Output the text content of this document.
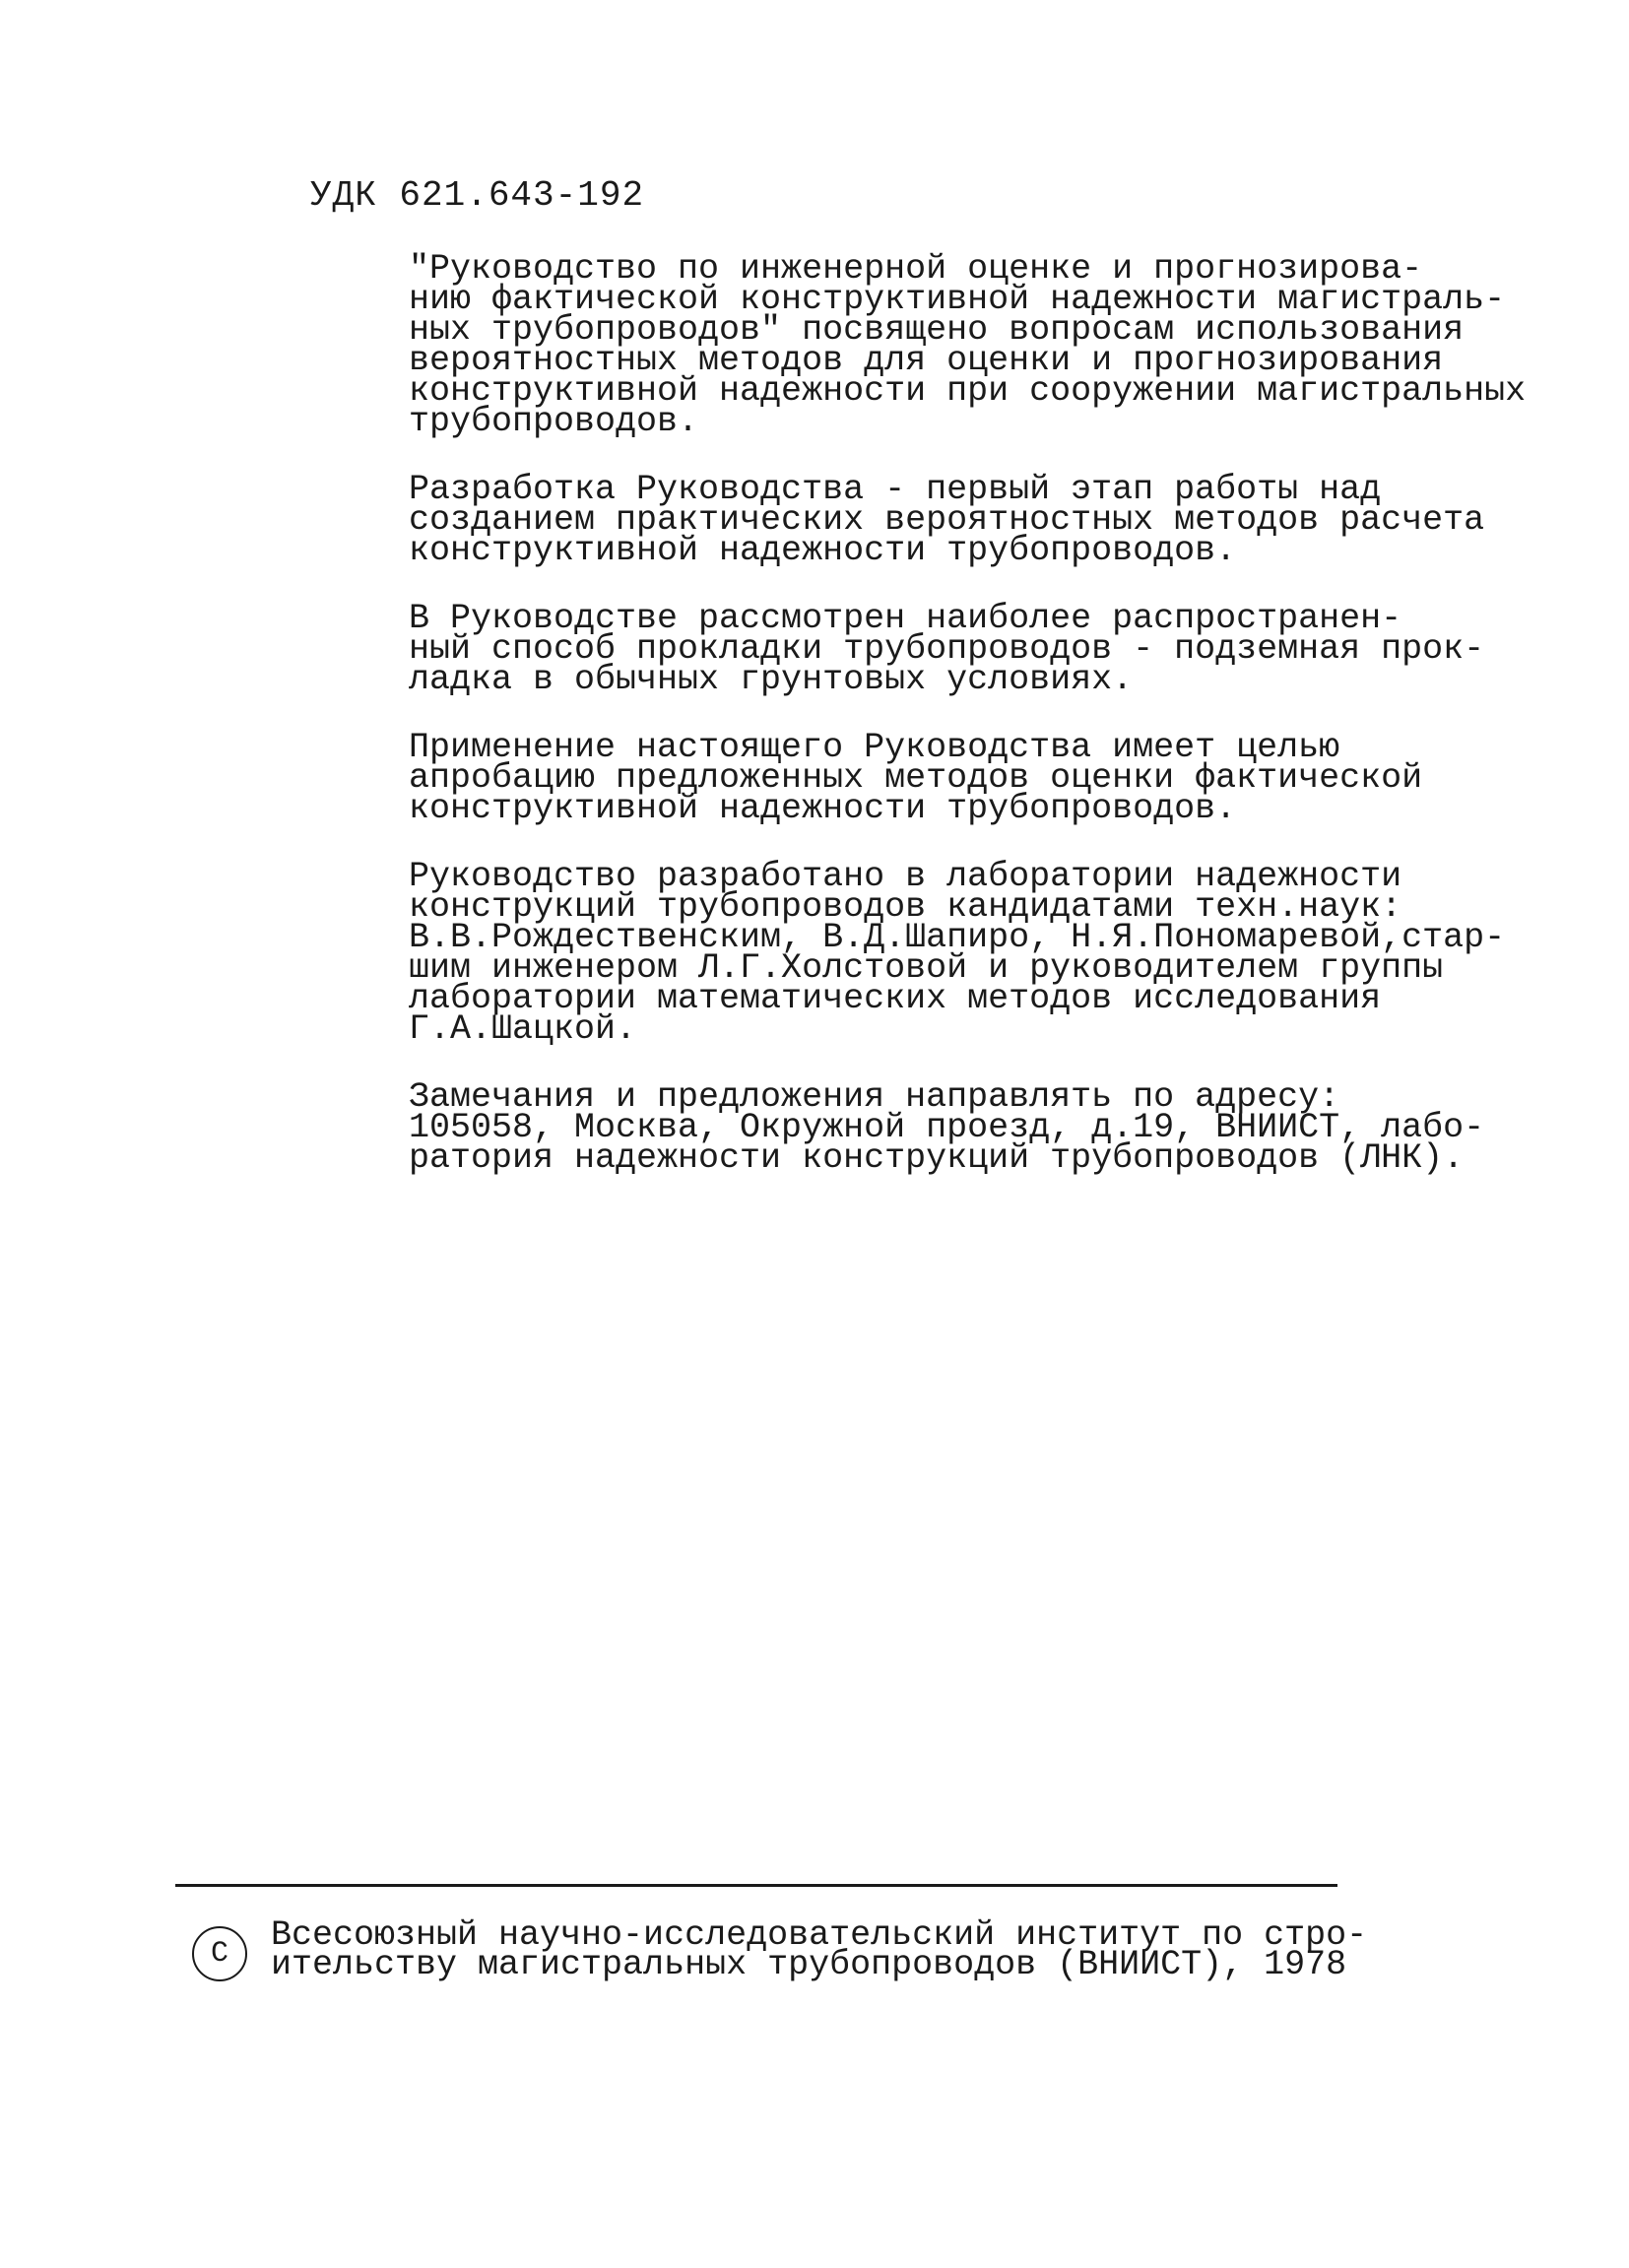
УДК 621.643-192

"Руководство по инженерной оценке и прогнозирова-
нию фактической конструктивной надежности магистраль-
ных трубопроводов" посвящено вопросам использования
вероятностных методов для оценки и прогнозирования
конструктивной надежности при сооружении магистральных
трубопроводов.

Разработка Руководства - первый этап работы над
созданием практических вероятностных методов расчета
конструктивной надежности трубопроводов.

В Руководстве рассмотрен наиболее распространен-
ный способ прокладки трубопроводов - подземная прок-
ладка в обычных грунтовых условиях.

Применение настоящего Руководства имеет целью
апробацию предложенных методов оценки фактической
конструктивной надежности трубопроводов.

Руководство разработано в лаборатории надежности
конструкций трубопроводов кандидатами техн.наук:
В.В.Рождественским, В.Д.Шапиро, Н.Я.Пономаревой,стар-
шим инженером Л.Г.Холстовой и руководителем группы
лаборатории математических методов исследования
Г.А.Шацкой.

Замечания и предложения направлять по адресу:
105058, Москва, Окружной проезд, д.19, ВНИИСТ, лабо-
ратория надежности конструкций трубопроводов (ЛНК).

C	Всесоюзный научно-исследовательский институт по стро-
ительству магистральных трубопроводов (ВНИИСТ), 1978
